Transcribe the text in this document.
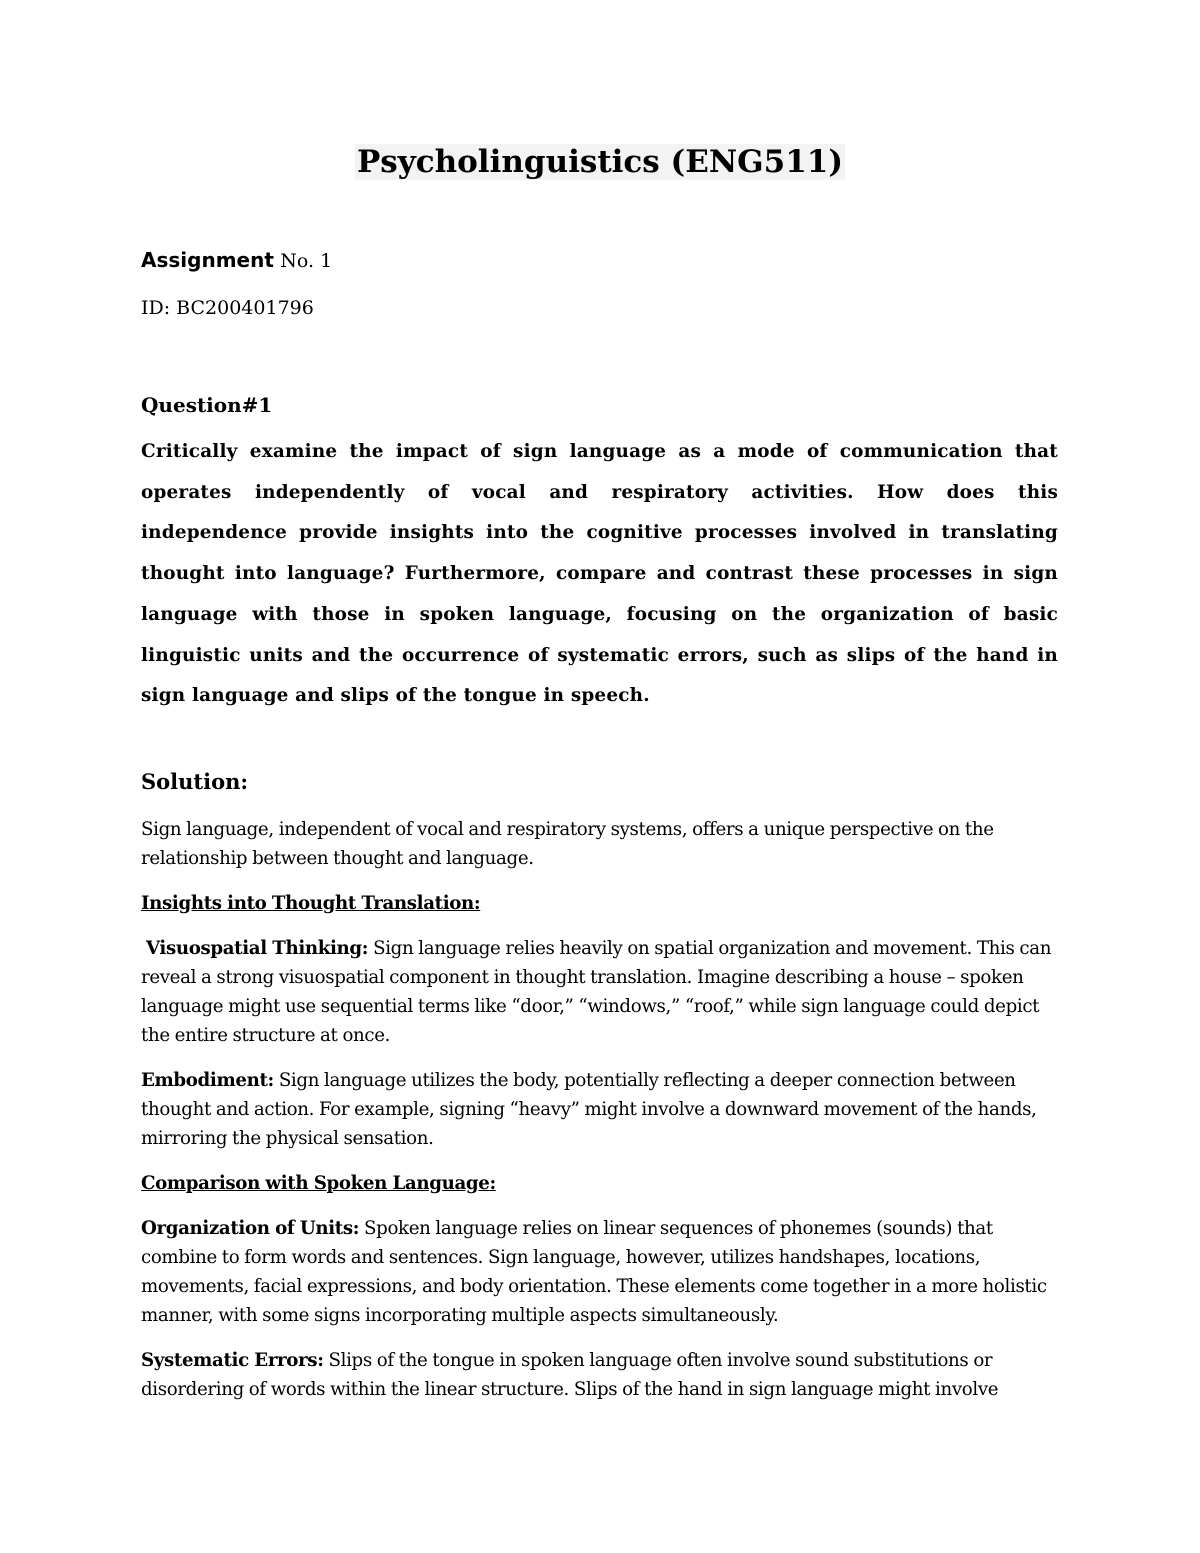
Psycholinguistics (ENG511)
Assignment No. 1
ID: BC200401796
Question#1
Critically examine the impact of sign language as a mode of communication that operates independently of vocal and respiratory activities. How does this independence provide insights into the cognitive processes involved in translating thought into language? Furthermore, compare and contrast these processes in sign language with those in spoken language, focusing on the organization of basic linguistic units and the occurrence of systematic errors, such as slips of the hand in sign language and slips of the tongue in speech.
Solution:

Sign language, independent of vocal and respiratory systems, offers a unique perspective on the relationship between thought and language.

Insights into Thought Translation:

Visuospatial Thinking: Sign language relies heavily on spatial organization and movement. This can reveal a strong visuospatial component in thought translation. Imagine describing a house – spoken language might use sequential terms like “door,” “windows,” “roof,” while sign language could depict the entire structure at once.

Embodiment: Sign language utilizes the body, potentially reflecting a deeper connection between thought and action. For example, signing “heavy” might involve a downward movement of the hands, mirroring the physical sensation.

Comparison with Spoken Language:

Organization of Units: Spoken language relies on linear sequences of phonemes (sounds) that combine to form words and sentences. Sign language, however, utilizes handshapes, locations, movements, facial expressions, and body orientation. These elements come together in a more holistic manner, with some signs incorporating multiple aspects simultaneously.

Systematic Errors: Slips of the tongue in spoken language often involve sound substitutions or disordering of words within the linear structure. Slips of the hand in sign language might involve
